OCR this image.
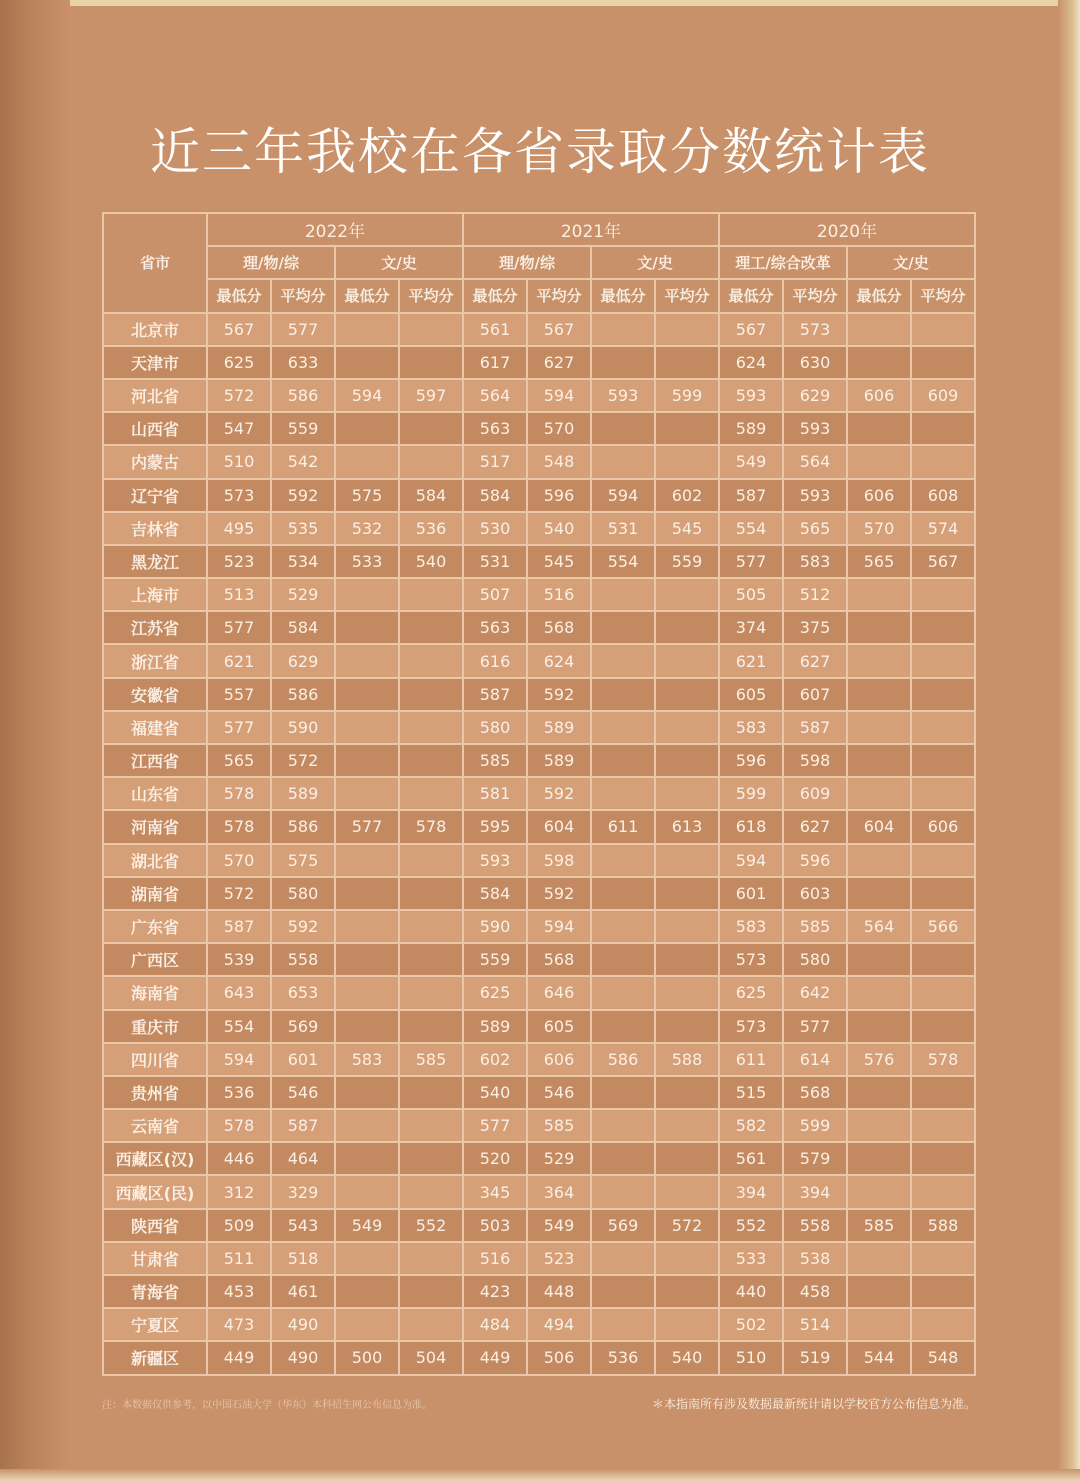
近三年我校在各省录取分数统计表
省市	2022年				2021年				2020年			
	理/物/综		文/史		理/物/综		文/史		理工/综合改革		文/史	
	最低分	平均分	最低分	平均分	最低分	平均分	最低分	平均分	最低分	平均分	最低分	平均分
北京市	567	577			561	567			567	573		
天津市	625	633			617	627			624	630		
河北省	572	586	594	597	564	594	593	599	593	629	606	609
山西省	547	559			563	570			589	593		
内蒙古	510	542			517	548			549	564		
辽宁省	573	592	575	584	584	596	594	602	587	593	606	608
吉林省	495	535	532	536	530	540	531	545	554	565	570	574
黑龙江	523	534	533	540	531	545	554	559	577	583	565	567
上海市	513	529			507	516			505	512		
江苏省	577	584			563	568			374	375		
浙江省	621	629			616	624			621	627		
安徽省	557	586			587	592			605	607		
福建省	577	590			580	589			583	587		
江西省	565	572			585	589			596	598		
山东省	578	589			581	592			599	609		
河南省	578	586	577	578	595	604	611	613	618	627	604	606
湖北省	570	575			593	598			594	596		
湖南省	572	580			584	592			601	603		
广东省	587	592			590	594			583	585	564	566
广西区	539	558			559	568			573	580		
海南省	643	653			625	646			625	642		
重庆市	554	569			589	605			573	577		
四川省	594	601	583	585	602	606	586	588	611	614	576	578
贵州省	536	546			540	546			515	568		
云南省	578	587			577	585			582	599		
西藏区(汉)	446	464			520	529			561	579		
西藏区(民)	312	329			345	364			394	394		
陕西省	509	543	549	552	503	549	569	572	552	558	585	588
甘肃省	511	518			516	523			533	538		
青海省	453	461			423	448			440	458		
宁夏区	473	490			484	494			502	514		
新疆区	449	490	500	504	449	506	536	540	510	519	544	548
注：本数据仅供参考，以中国石油大学（华东）本科招生网公布信息为准。	＊本指南所有涉及数据最新统计请以学校官方公布信息为准。
